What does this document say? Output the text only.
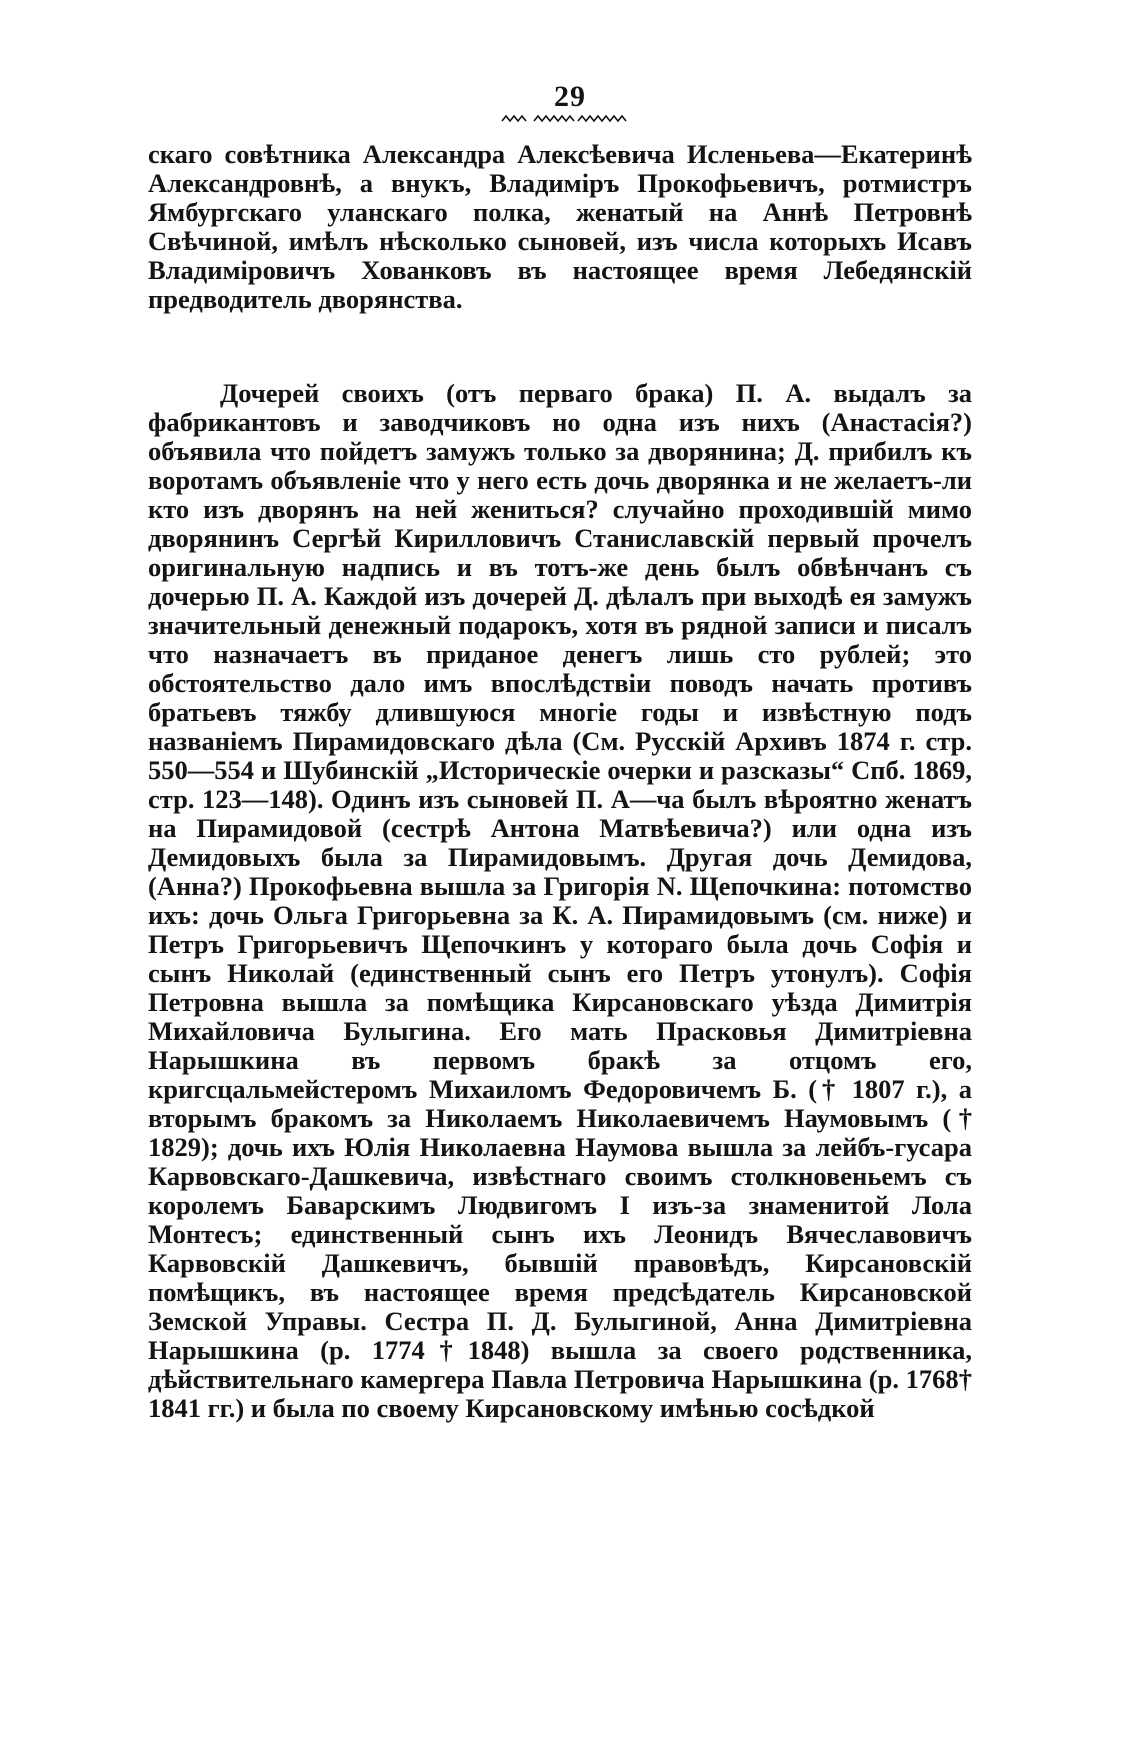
29
скаго совѣтника Александра Алексѣевича Исленьева—Екатеринѣ Александровнѣ, а внукъ, Владиміръ Прокофьевичъ, ротмистръ Ямбургскаго уланскаго полка, женатый на Аннѣ Петровнѣ Свѣчиной, имѣлъ нѣсколько сыновей, изъ числа которыхъ Исавъ Владиміровичъ Хованковъ въ настоящее время Лебедянскій предводитель дворянства.
Дочерей своихъ (отъ перваго брака) П. А. выдалъ за фабрикантовъ и заводчиковъ но одна изъ нихъ (Анастасія?) объявила что пойдетъ замужъ только за дворянина; Д. прибилъ къ воротамъ объявленіе что у него есть дочь дворянка и не желаетъ-ли кто изъ дворянъ на ней жениться? случайно проходившій мимо дворянинъ Сергѣй Кирилловичъ Станиславскій первый прочелъ оригинальную надпись и въ тотъ-же день былъ обвѣнчанъ съ дочерью П. А. Каждой изъ дочерей Д. дѣлалъ при выходѣ ея замужъ значительный денежный подарокъ, хотя въ рядной записи и писалъ что назначаетъ въ приданое денегъ лишь сто рублей; это обстоятельство дало имъ впослѣдствіи поводъ начать противъ братьевъ тяжбу длившуюся многіе годы и извѣстную подъ названіемъ Пирамидовскаго дѣла (См. Русскій Архивъ 1874 г. стр. 550—554 и Шубинскій „Историческіе очерки и разсказы“ Спб. 1869, стр. 123—148). Одинъ изъ сыновей П. А—ча былъ вѣроятно женатъ на Пирамидовой (сестрѣ Антона Матвѣевича?) или одна изъ Демидовыхъ была за Пирамидовымъ. Другая дочь Демидова, (Анна?) Прокофьевна вышла за Григорія N. Щепочкина: потомство ихъ: дочь Ольга Григорьевна за К. А. Пирамидовымъ (см. ниже) и Петръ Григорьевичъ Щепочкинъ у котораго была дочь Софія и сынъ Николай (единственный сынъ его Петръ утонулъ). Софія Петровна вышла за помѣщика Кирсановскаго уѣзда Димитрія Михайловича Булыгина. Его мать Прасковья Димитріевна Нарышкина въ первомъ бракѣ за отцомъ его, кригсцальмейстеромъ Михаиломъ Федоровичемъ Б. († 1807 г.), а вторымъ бракомъ за Николаемъ Николаевичемъ Наумовымъ († 1829); дочь ихъ Юлія Николаевна Наумова вышла за лейбъ-гусара Карвовскаго-Дашкевича, извѣстнаго своимъ столкновеньемъ съ королемъ Баварскимъ Людвигомъ I изъ-за знаменитой Лола Монтесъ; единственный сынъ ихъ Леонидъ Вячеславовичъ Карвовскій Дашкевичъ, бывшій правовѣдъ, Кирсановскій помѣщикъ, въ настоящее время предсѣдатель Кирсановской Земской Управы. Сестра П. Д. Булыгиной, Анна Димитріевна Нарышкина (р. 1774†1848) вышла за своего родственника, дѣйствительнаго камергера Павла Петровича Нарышкина (р. 1768† 1841 гг.) и была по своему Кирсановскому имѣнью сосѣдкой
